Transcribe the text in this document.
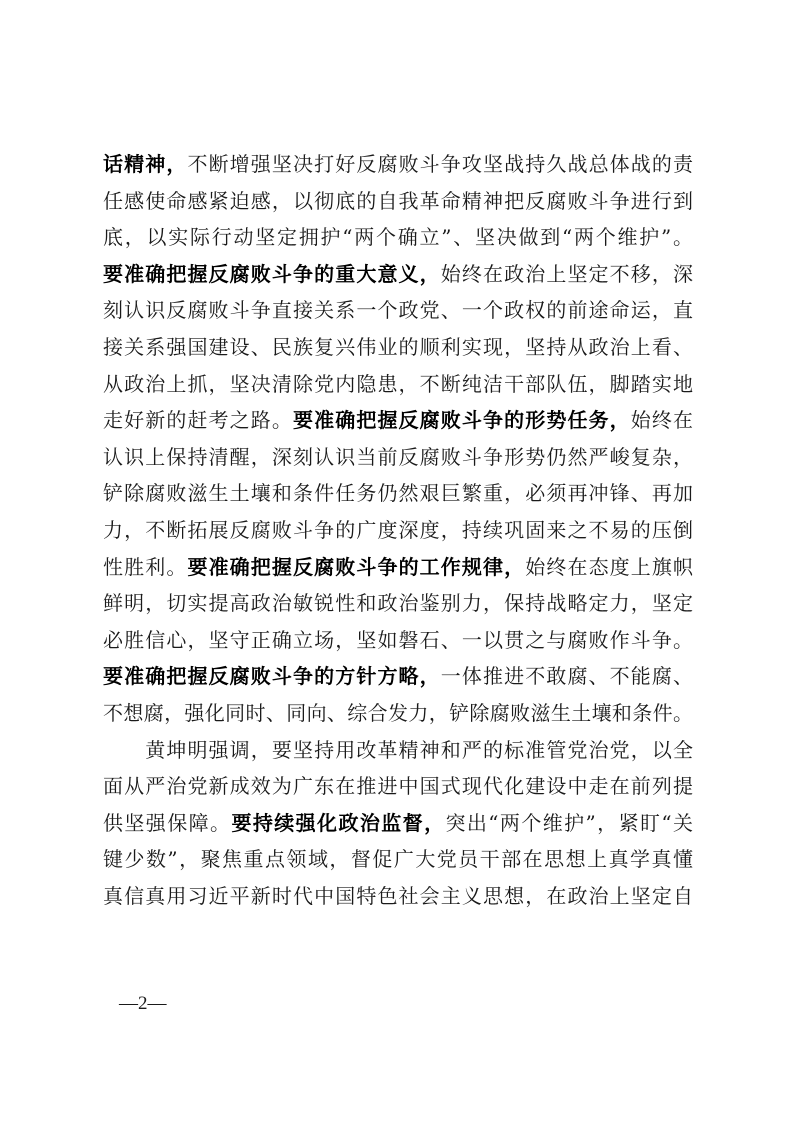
话精神，不断增强坚决打好反腐败斗争攻坚战持久战总体战的责
任感使命感紧迫感，以彻底的自我革命精神把反腐败斗争进行到
底，以实际行动坚定拥护“两个确立”、坚决做到“两个维护”。
要准确把握反腐败斗争的重大意义，始终在政治上坚定不移，深
刻认识反腐败斗争直接关系一个政党、一个政权的前途命运，直
接关系强国建设、民族复兴伟业的顺利实现，坚持从政治上看、
从政治上抓，坚决清除党内隐患，不断纯洁干部队伍，脚踏实地
走好新的赶考之路。要准确把握反腐败斗争的形势任务，始终在
认识上保持清醒，深刻认识当前反腐败斗争形势仍然严峻复杂，
铲除腐败滋生土壤和条件任务仍然艰巨繁重，必须再冲锋、再加
力，不断拓展反腐败斗争的广度深度，持续巩固来之不易的压倒
性胜利。要准确把握反腐败斗争的工作规律，始终在态度上旗帜
鲜明，切实提高政治敏锐性和政治鉴别力，保持战略定力，坚定
必胜信心，坚守正确立场，坚如磐石、一以贯之与腐败作斗争。
要准确把握反腐败斗争的方针方略，一体推进不敢腐、不能腐、
不想腐，强化同时、同向、综合发力，铲除腐败滋生土壤和条件。
　　黄坤明强调，要坚持用改革精神和严的标准管党治党，以全
面从严治党新成效为广东在推进中国式现代化建设中走在前列提
供坚强保障。要持续强化政治监督，突出“两个维护”，紧盯“关
键少数”，聚焦重点领域，督促广大党员干部在思想上真学真懂
真信真用习近平新时代中国特色社会主义思想，在政治上坚定自
—2—
